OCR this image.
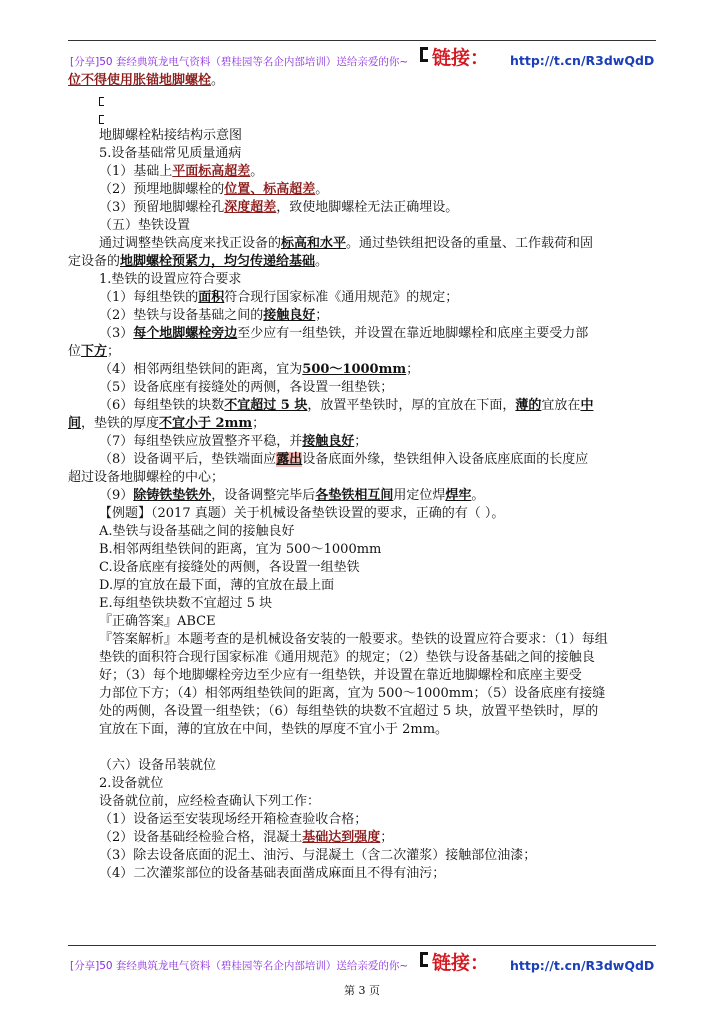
[分享]50 套经典筑龙电气资料（碧桂园等名企内部培训）送给亲爱的你~ 链接： http://t.cn/R3dwQdD
位不得使用胀锚地脚螺栓。
地脚螺栓粘接结构示意图
5.设备基础常见质量通病
（1）基础上平面标高超差。
（2）预埋地脚螺栓的位置、标高超差。
（3）预留地脚螺栓孔深度超差，致使地脚螺栓无法正确埋设。
（五）垫铁设置
通过调整垫铁高度来找正设备的标高和水平。通过垫铁组把设备的重量、工作载荷和固
定设备的地脚螺栓预紧力，均匀传递给基础。
1.垫铁的设置应符合要求
（1）每组垫铁的面积符合现行国家标准《通用规范》的规定；
（2）垫铁与设备基础之间的接触良好；
（3）每个地脚螺栓旁边至少应有一组垫铁，并设置在靠近地脚螺栓和底座主要受力部
位下方；
（4）相邻两组垫铁间的距离，宜为500～1000mm；
（5）设备底座有接缝处的两侧，各设置一组垫铁；
（6）每组垫铁的块数不宜超过 5 块，放置平垫铁时，厚的宜放在下面，薄的宜放在中
间，垫铁的厚度不宜小于 2mm；
（7）每组垫铁应放置整齐平稳，并接触良好；
（8）设备调平后，垫铁端面应露出设备底面外缘，垫铁组伸入设备底座底面的长度应
超过设备地脚螺栓的中心；
（9）除铸铁垫铁外，设备调整完毕后各垫铁相互间用定位焊焊牢。
【例题】（2017 真题）关于机械设备垫铁设置的要求，正确的有（ ）。
A.垫铁与设备基础之间的接触良好
B.相邻两组垫铁间的距离，宜为 500～1000mm
C.设备底座有接缝处的两侧，各设置一组垫铁
D.厚的宜放在最下面，薄的宜放在最上面
E.每组垫铁块数不宜超过 5 块
『正确答案』ABCE
『答案解析』本题考查的是机械设备安装的一般要求。垫铁的设置应符合要求：（1）每组
垫铁的面积符合现行国家标准《通用规范》的规定；（2）垫铁与设备基础之间的接触良
好；（3）每个地脚螺栓旁边至少应有一组垫铁，并设置在靠近地脚螺栓和底座主要受
力部位下方；（4）相邻两组垫铁间的距离，宜为 500～1000mm；（5）设备底座有接缝
处的两侧，各设置一组垫铁；（6）每组垫铁的块数不宜超过 5 块，放置平垫铁时，厚的
宜放在下面，薄的宜放在中间，垫铁的厚度不宜小于 2mm。
（六）设备吊装就位
2.设备就位
设备就位前，应经检查确认下列工作：
（1）设备运至安装现场经开箱检查验收合格；
（2）设备基础经检验合格，混凝土基础达到强度；
（3）除去设备底面的泥土、油污、与混凝土（含二次灌浆）接触部位油漆；
（4）二次灌浆部位的设备基础表面凿成麻面且不得有油污；
[分享]50 套经典筑龙电气资料（碧桂园等名企内部培训）送给亲爱的你~ 链接： http://t.cn/R3dwQdD
第 3 页
